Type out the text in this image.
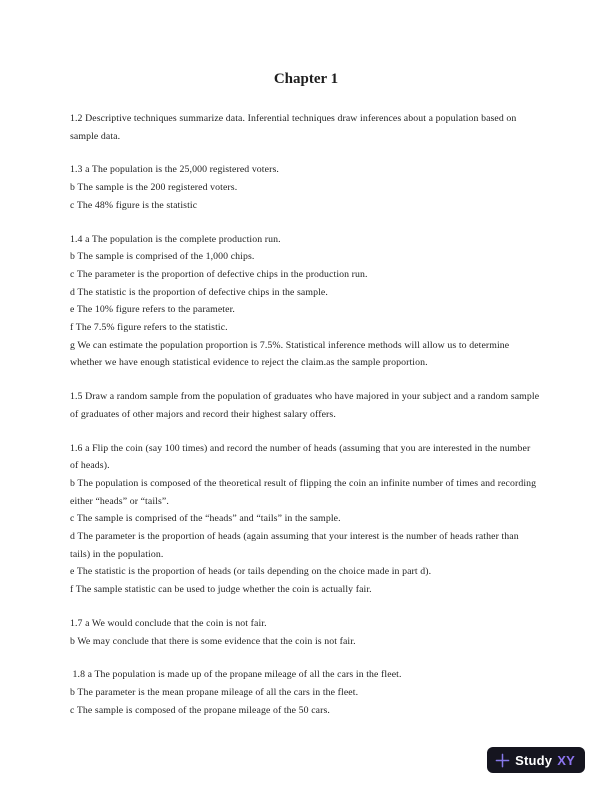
Chapter 1
1.2 Descriptive techniques summarize data. Inferential techniques draw inferences about a population based on
sample data.
1.3 a The population is the 25,000 registered voters.
b The sample is the 200 registered voters.
c The 48% figure is the statistic
1.4 a The population is the complete production run.
b The sample is comprised of the 1,000 chips.
c The parameter is the proportion of defective chips in the production run.
d The statistic is the proportion of defective chips in the sample.
e The 10% figure refers to the parameter.
f The 7.5% figure refers to the statistic.
g We can estimate the population proportion is 7.5%. Statistical inference methods will allow us to determine
whether we have enough statistical evidence to reject the claim.as the sample proportion.
1.5 Draw a random sample from the population of graduates who have majored in your subject and a random sample
of graduates of other majors and record their highest salary offers.
1.6 a Flip the coin (say 100 times) and record the number of heads (assuming that you are interested in the number
of heads).
b The population is composed of the theoretical result of flipping the coin an infinite number of times and recording
either “heads” or “tails”.
c The sample is comprised of the “heads” and “tails” in the sample.
d The parameter is the proportion of heads (again assuming that your interest is the number of heads rather than
tails) in the population.
e The statistic is the proportion of heads (or tails depending on the choice made in part d).
f The sample statistic can be used to judge whether the coin is actually fair.
1.7 a We would conclude that the coin is not fair.
b We may conclude that there is some evidence that the coin is not fair.
1.8 a The population is made up of the propane mileage of all the cars in the fleet.
b The parameter is the mean propane mileage of all the cars in the fleet.
c The sample is composed of the propane mileage of the 50 cars.
Study XY
